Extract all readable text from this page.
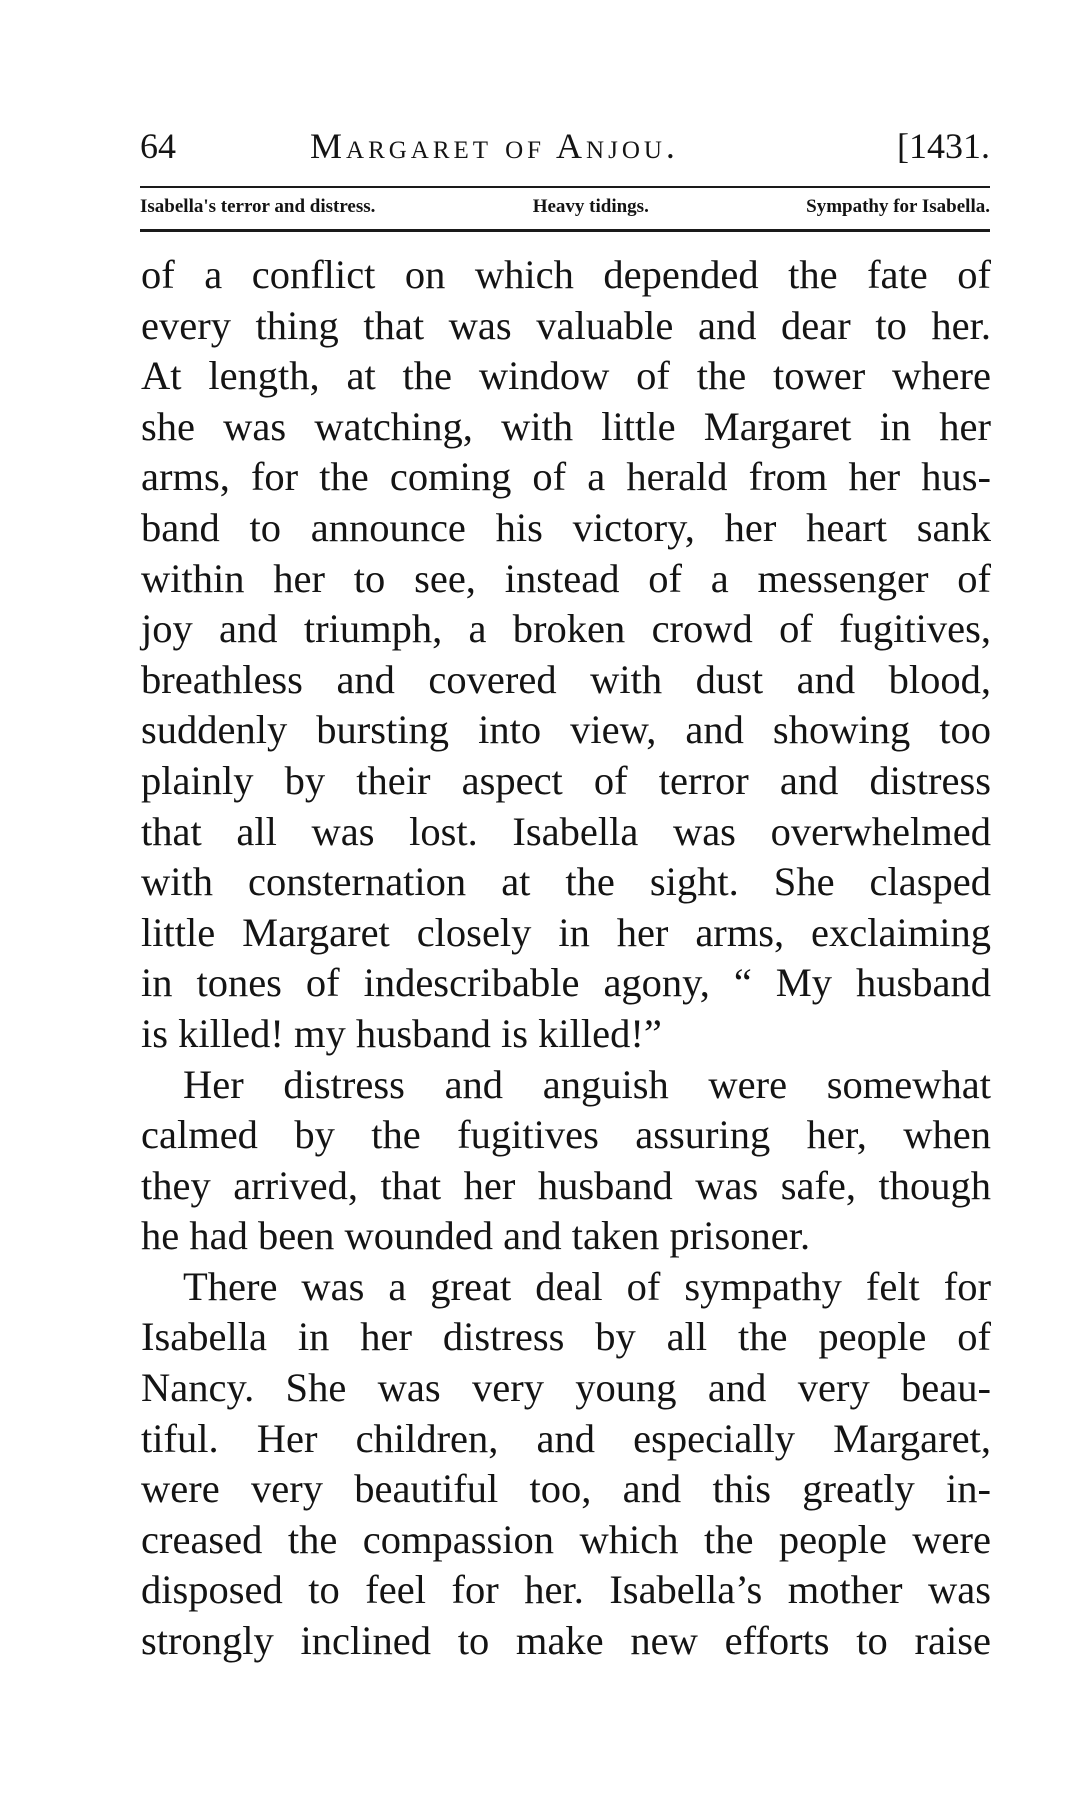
64	Margaret of Anjou.	[1431.
Isabella's terror and distress.	Heavy tidings.	Sympathy for Isabella.
of a conflict on which depended the fate of
every thing that was valuable and dear to her.
At length, at the window of the tower where
she was watching, with little Margaret in her
arms, for the coming of a herald from her hus-
band to announce his victory, her heart sank
within her to see, instead of a messenger of
joy and triumph, a broken crowd of fugitives,
breathless and covered with dust and blood,
suddenly bursting into view, and showing too
plainly by their aspect of terror and distress
that all was lost. Isabella was overwhelmed
with consternation at the sight. She clasped
little Margaret closely in her arms, exclaiming
in tones of indescribable agony, “ My husband
is killed! my husband is killed!”
Her distress and anguish were somewhat
calmed by the fugitives assuring her, when
they arrived, that her husband was safe, though
he had been wounded and taken prisoner.
There was a great deal of sympathy felt for
Isabella in her distress by all the people of
Nancy. She was very young and very beau-
tiful. Her children, and especially Margaret,
were very beautiful too, and this greatly in-
creased the compassion which the people were
disposed to feel for her. Isabella’s mother was
strongly inclined to make new efforts to raise
